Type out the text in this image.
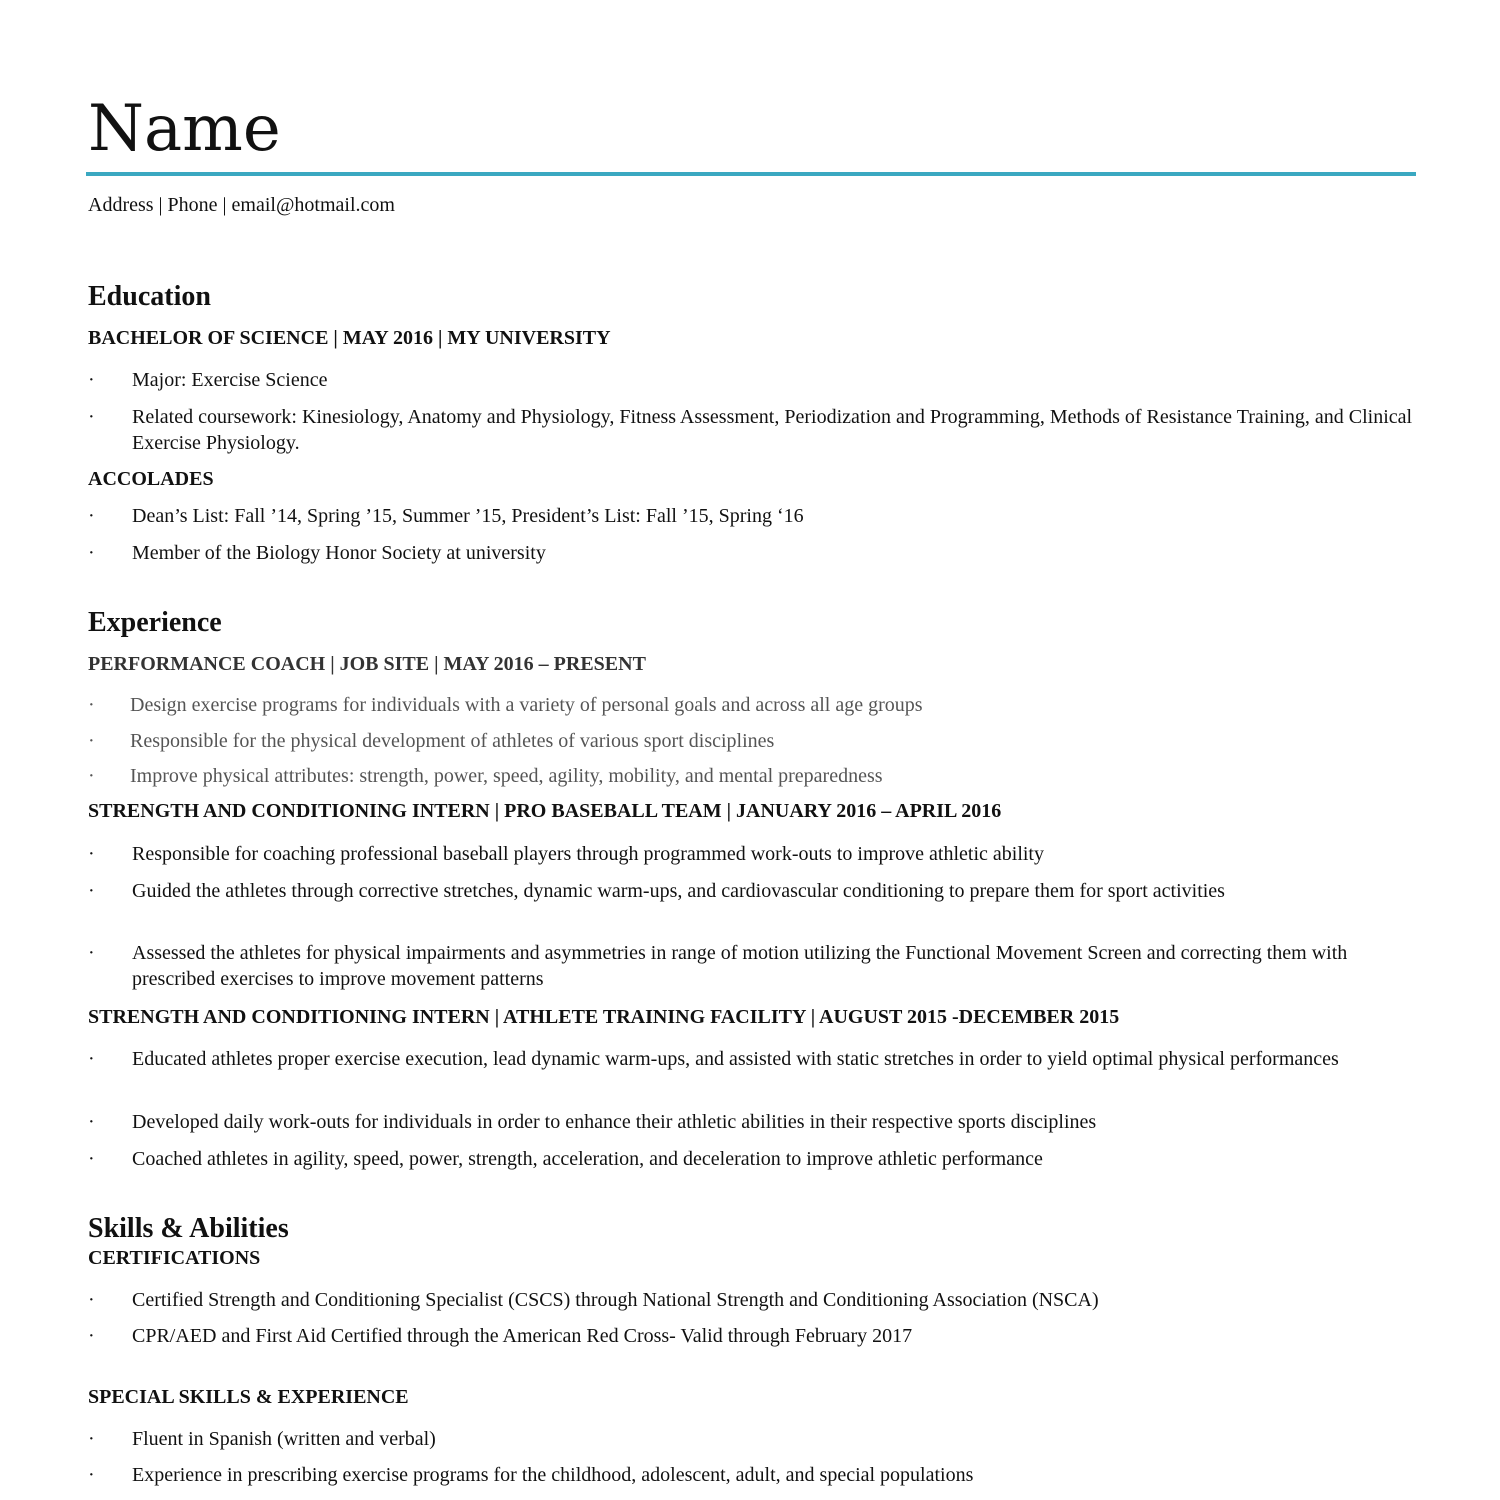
Name
Address | Phone | email@hotmail.com
Education
BACHELOR OF SCIENCE | MAY 2016 | MY UNIVERSITY
· Major: Exercise Science
· Related coursework: Kinesiology, Anatomy and Physiology, Fitness Assessment, Periodization and Programming, Methods of Resistance Training, and Clinical Exercise Physiology.
ACCOLADES
· Dean’s List: Fall ’14, Spring ’15, Summer ’15, President’s List: Fall ’15, Spring ‘16
· Member of the Biology Honor Society at university
Experience
PERFORMANCE COACH | JOB SITE | MAY 2016 – PRESENT
· Design exercise programs for individuals with a variety of personal goals and across all age groups
· Responsible for the physical development of athletes of various sport disciplines
· Improve physical attributes: strength, power, speed, agility, mobility, and mental preparedness
STRENGTH AND CONDITIONING INTERN | PRO BASEBALL TEAM | JANUARY 2016 – APRIL 2016
· Responsible for coaching professional baseball players through programmed work-outs to improve athletic ability
· Guided the athletes through corrective stretches, dynamic warm-ups, and cardiovascular conditioning to prepare them for sport activities
· Assessed the athletes for physical impairments and asymmetries in range of motion utilizing the Functional Movement Screen and correcting them with prescribed exercises to improve movement patterns
STRENGTH AND CONDITIONING INTERN | ATHLETE TRAINING FACILITY | AUGUST 2015 -DECEMBER 2015
· Educated athletes proper exercise execution, lead dynamic warm-ups, and assisted with static stretches in order to yield optimal physical performances
· Developed daily work-outs for individuals in order to enhance their athletic abilities in their respective sports disciplines
· Coached athletes in agility, speed, power, strength, acceleration, and deceleration to improve athletic performance
Skills & Abilities
CERTIFICATIONS
· Certified Strength and Conditioning Specialist (CSCS) through National Strength and Conditioning Association (NSCA)
· CPR/AED and First Aid Certified through the American Red Cross- Valid through February 2017
SPECIAL SKILLS & EXPERIENCE
· Fluent in Spanish (written and verbal)
· Experience in prescribing exercise programs for the childhood, adolescent, adult, and special populations
